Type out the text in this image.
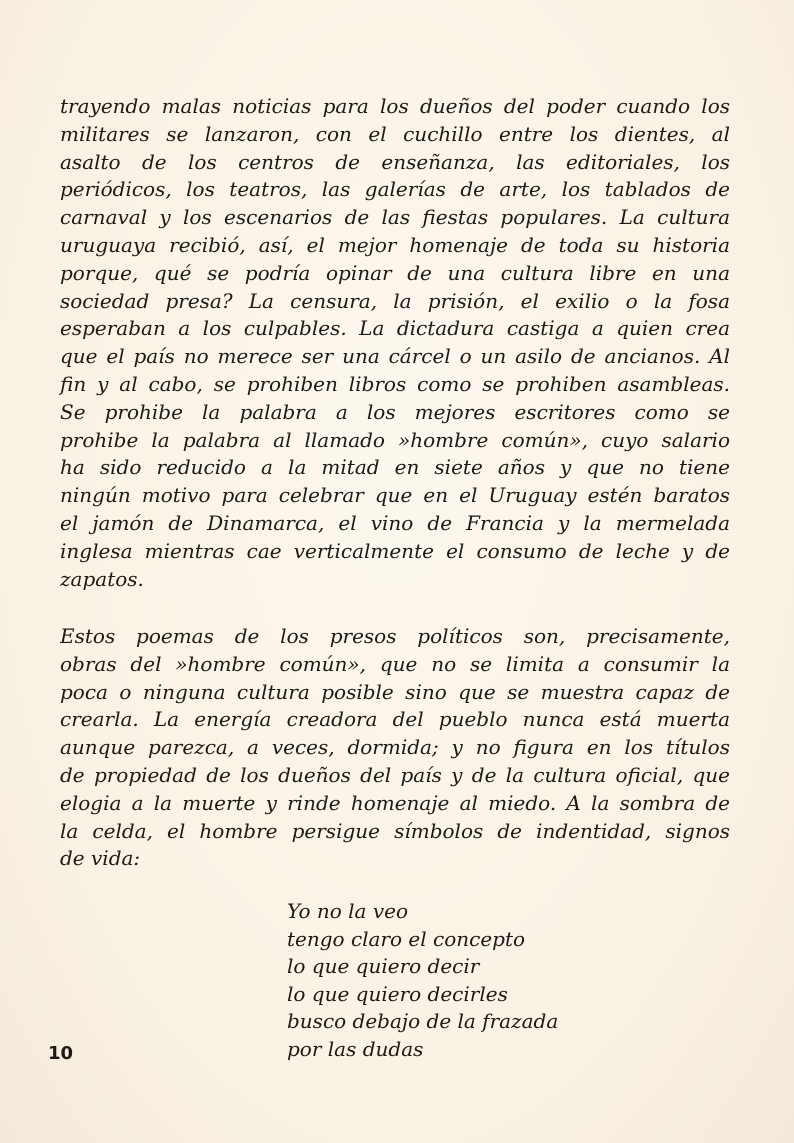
trayendo malas noticias para los dueños del poder cuando los
militares se lanzaron, con el cuchillo entre los dientes, al
asalto de los centros de enseñanza, las editoriales, los
periódicos, los teatros, las galerías de arte, los tablados de
carnaval y los escenarios de las fiestas populares. La cultura
uruguaya recibió, así, el mejor homenaje de toda su historia
porque, qué se podría opinar de una cultura libre en una
sociedad presa? La censura, la prisión, el exilio o la fosa
esperaban a los culpables. La dictadura castiga a quien crea
que el país no merece ser una cárcel o un asilo de ancianos. Al
fin y al cabo, se prohiben libros como se prohiben asambleas.
Se prohibe la palabra a los mejores escritores como se
prohibe la palabra al llamado »hombre común», cuyo salario
ha sido reducido a la mitad en siete años y que no tiene
ningún motivo para celebrar que en el Uruguay estén baratos
el jamón de Dinamarca, el vino de Francia y la mermelada
inglesa mientras cae verticalmente el consumo de leche y de
zapatos.

Estos poemas de los presos políticos son, precisamente,
obras del »hombre común», que no se limita a consumir la
poca o ninguna cultura posible sino que se muestra capaz de
crearla. La energía creadora del pueblo nunca está muerta
aunque parezca, a veces, dormida; y no figura en los títulos
de propiedad de los dueños del país y de la cultura oficial, que
elogia a la muerte y rinde homenaje al miedo. A la sombra de
la celda, el hombre persigue símbolos de indentidad, signos
de vida:

Yo no la veo
tengo claro el concepto
lo que quiero decir
lo que quiero decirles
busco debajo de la frazada
por las dudas

10
